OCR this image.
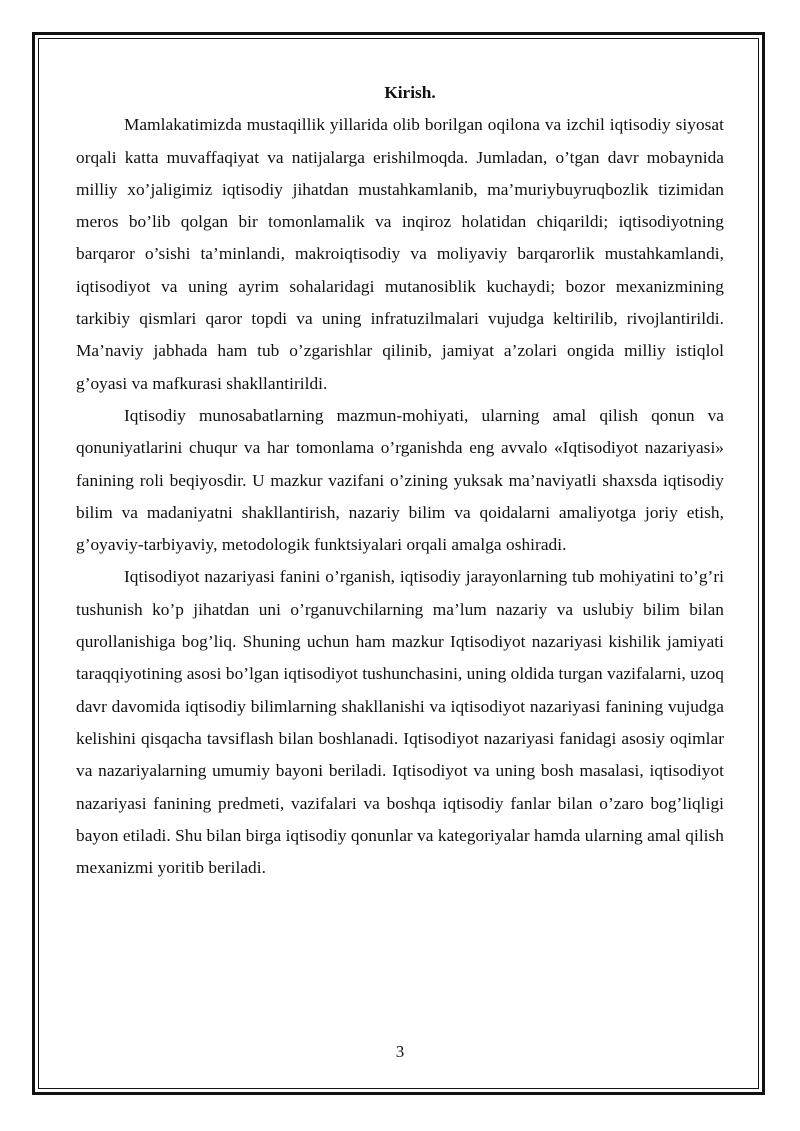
Kirish.

Mamlakatimizda mustaqillik yillarida olib borilgan oqilona va izchil iqtisodiy siyosat orqali katta muvaffaqiyat va natijalarga erishilmoqda. Jumladan, o’tgan davr mobaynida milliy xo’jaligimiz iqtisodiy jihatdan mustahkamlanib, ma’muriybuyruqbozlik tizimidan meros bo’lib qolgan bir tomonlamalik va inqiroz holatidan chiqarildi; iqtisodiyotning barqaror o’sishi ta’minlandi, makroiqtisodiy va moliyaviy barqarorlik mustahkamlandi, iqtisodiyot va uning ayrim sohalaridagi mutanosiblik kuchaydi; bozor mexanizmining tarkibiy qismlari qaror topdi va uning infratuzilmalari vujudga keltirilib, rivojlantirildi. Ma’naviy jabhada ham tub o’zgarishlar qilinib, jamiyat a’zolari ongida milliy istiqlol g’oyasi va mafkurasi shakllantirildi.

Iqtisodiy munosabatlarning mazmun-mohiyati, ularning amal qilish qonun va qonuniyatlarini chuqur va har tomonlama o’rganishda eng avvalo «Iqtisodiyot nazariyasi» fanining roli beqiyosdir. U mazkur vazifani o’zining yuksak ma’naviyatli shaxsda iqtisodiy bilim va madaniyatni shakllantirish, nazariy bilim va qoidalarni amaliyotga joriy etish, g’oyaviy-tarbiyaviy, metodologik funktsiyalari orqali amalga oshiradi.

Iqtisodiyot nazariyasi fanini o’rganish, iqtisodiy jarayonlarning tub mohiyatini to’g’ri tushunish ko’p jihatdan uni o’rganuvchilarning ma’lum nazariy va uslubiy bilim bilan qurollanishiga bog’liq. Shuning uchun ham mazkur Iqtisodiyot nazariyasi kishilik jamiyati taraqqiyotining asosi bo’lgan iqtisodiyot tushunchasini, uning oldida turgan vazifalarni, uzoq davr davomida iqtisodiy bilimlarning shakllanishi va iqtisodiyot nazariyasi fanining vujudga kelishini qisqacha tavsiflash bilan boshlanadi. Iqtisodiyot nazariyasi fanidagi asosiy oqimlar va nazariyalarning umumiy bayoni beriladi. Iqtisodiyot va uning bosh masalasi, iqtisodiyot nazariyasi fanining predmeti, vazifalari va boshqa iqtisodiy fanlar bilan o’zaro bog’liqligi bayon etiladi. Shu bilan birga iqtisodiy qonunlar va kategoriyalar hamda ularning amal qilish mexanizmi yoritib beriladi.

3
